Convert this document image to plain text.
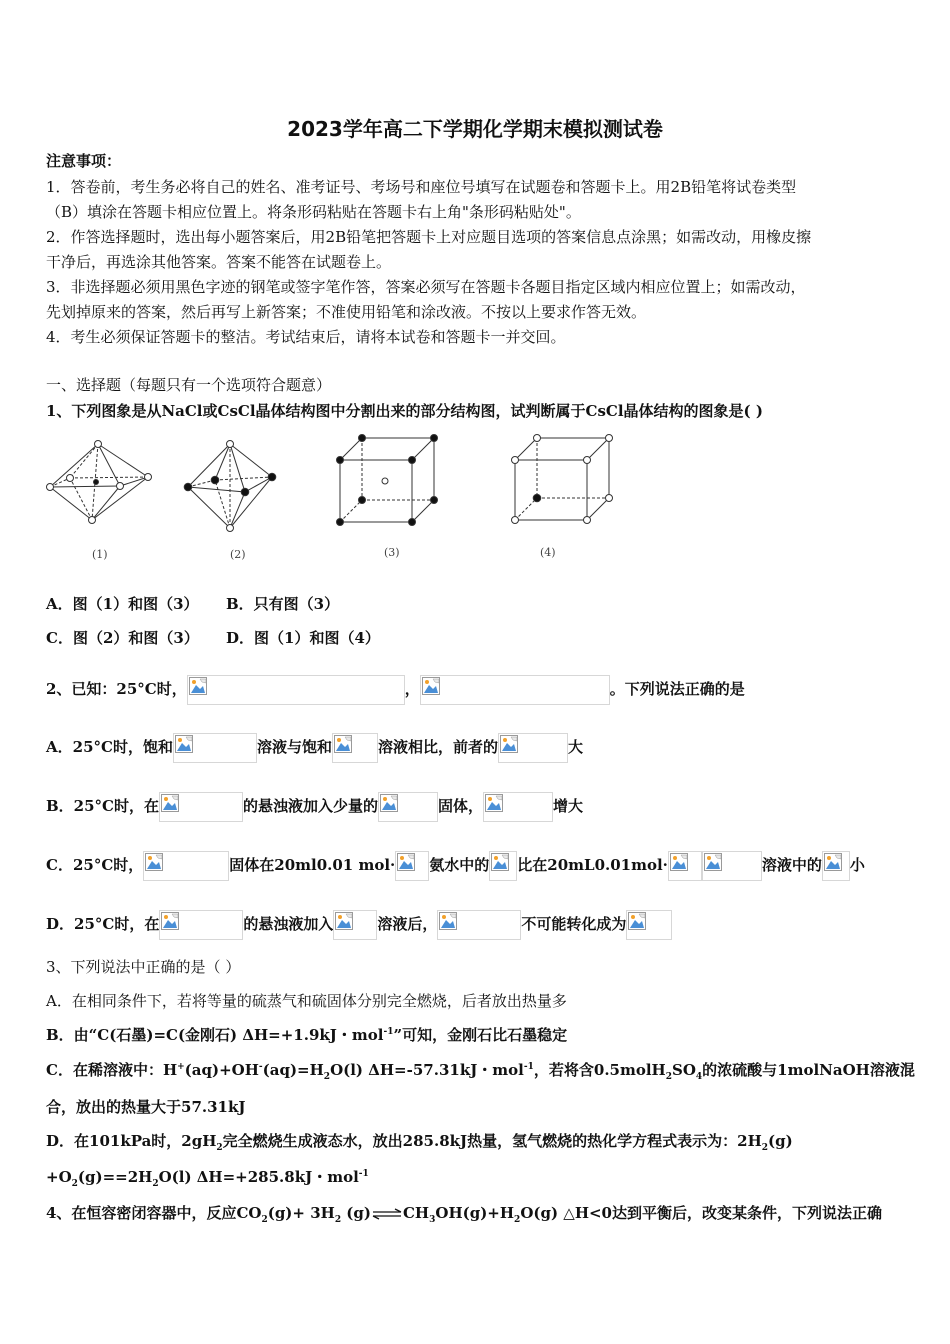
2023学年高二下学期化学期末模拟测试卷
注意事项：
1．答卷前，考生务必将自己的姓名、准考证号、考场号和座位号填写在试题卷和答题卡上。用2B铅笔将试卷类型
（B）填涂在答题卡相应位置上。将条形码粘贴在答题卡右上角"条形码粘贴处"。
2．作答选择题时，选出每小题答案后，用2B铅笔把答题卡上对应题目选项的答案信息点涂黑；如需改动，用橡皮擦
干净后，再选涂其他答案。答案不能答在试题卷上。
3．非选择题必须用黑色字迹的钢笔或签字笔作答，答案必须写在答题卡各题目指定区域内相应位置上；如需改动，
先划掉原来的答案，然后再写上新答案；不准使用铅笔和涂改液。不按以上要求作答无效。
4．考生必须保证答题卡的整洁。考试结束后，请将本试卷和答题卡一并交回。
一、选择题（每题只有一个选项符合题意）
1、下列图象是从NaCl或CsCl晶体结构图中分割出来的部分结构图，试判断属于CsCl晶体结构的图象是( )
(1)	(2)	(3)	(4)
A．图（1）和图（3） B．只有图（3）
C．图（2）和图（3） D．图（1）和图（4）
2、已知：25°C时，	，	。下列说法正确的是
A．25°C时，饱和	溶液与饱和	溶液相比，前者的	大
B．25°C时，在	的悬浊液加入少量的	固体，	增大
C．25°C时，	固体在20ml0.01 mol· 氨水中的 比在20mL0.01mol·	溶液中的 小
D．25°C时，在	的悬浊液加入	溶液后，	不可能转化成为
3、下列说法中正确的是（ ）
A．在相同条件下，若将等量的硫蒸气和硫固体分别完全燃烧，后者放出热量多
B．由“C(石墨)=C(金刚石) ΔH=+1.9kJ・mol$^{-1}$”可知，金刚石比石墨稳定
C．在稀溶液中：$H^+(aq)+OH^-(aq)=H_2O(l)$ ΔH=-57.31kJ・mol$^{-1}$，若将含$0.5molH_2SO_4$的浓硫酸与1molNaOH溶液混
合，放出的热量大于57.31kJ
D．在101kPa时，$2gH_2$完全燃烧生成液态水，放出285.8kJ热量，氢气燃烧的热化学方程式表示为：$2H_2(g)$
$+O_2(g)==2H_2O(l)$ ΔH=+285.8kJ・mol$^{-1}$
4、在恒容密闭容器中，反应$CO_2(g)+ 3H_2$ $(g)\rightleftharpoons CH_3OH(g)+H_2O(g)$ △H<0达到平衡后，改变某条件，下列说法正确
